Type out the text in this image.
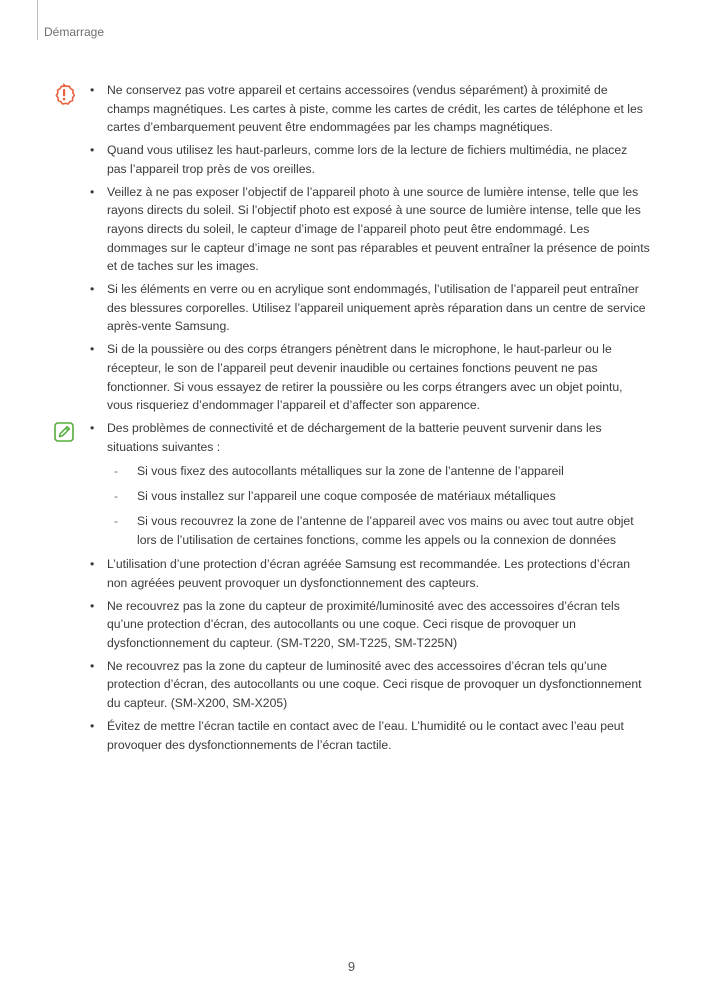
Démarrage
• Ne conservez pas votre appareil et certains accessoires (vendus séparément) à proximité de champs magnétiques. Les cartes à piste, comme les cartes de crédit, les cartes de téléphone et les cartes d’embarquement peuvent être endommagées par les champs magnétiques.
• Quand vous utilisez les haut-parleurs, comme lors de la lecture de fichiers multimédia, ne placez pas l’appareil trop près de vos oreilles.
• Veillez à ne pas exposer l’objectif de l’appareil photo à une source de lumière intense, telle que les rayons directs du soleil. Si l’objectif photo est exposé à une source de lumière intense, telle que les rayons directs du soleil, le capteur d’image de l’appareil photo peut être endommagé. Les dommages sur le capteur d’image ne sont pas réparables et peuvent entraîner la présence de points et de taches sur les images.
• Si les éléments en verre ou en acrylique sont endommagés, l’utilisation de l’appareil peut entraîner des blessures corporelles. Utilisez l’appareil uniquement après réparation dans un centre de service après-vente Samsung.
• Si de la poussière ou des corps étrangers pénètrent dans le microphone, le haut-parleur ou le récepteur, le son de l’appareil peut devenir inaudible ou certaines fonctions peuvent ne pas fonctionner. Si vous essayez de retirer la poussière ou les corps étrangers avec un objet pointu, vous risqueriez d’endommager l’appareil et d’affecter son apparence.
• Des problèmes de connectivité et de déchargement de la batterie peuvent survenir dans les situations suivantes :
- Si vous fixez des autocollants métalliques sur la zone de l’antenne de l’appareil
- Si vous installez sur l’appareil une coque composée de matériaux métalliques
- Si vous recouvrez la zone de l’antenne de l’appareil avec vos mains ou avec tout autre objet lors de l’utilisation de certaines fonctions, comme les appels ou la connexion de données
• L’utilisation d’une protection d’écran agréée Samsung est recommandée. Les protections d’écran non agréées peuvent provoquer un dysfonctionnement des capteurs.
• Ne recouvrez pas la zone du capteur de proximité/luminosité avec des accessoires d’écran tels qu’une protection d’écran, des autocollants ou une coque. Ceci risque de provoquer un dysfonctionnement du capteur. (SM-T220, SM-T225, SM-T225N)
• Ne recouvrez pas la zone du capteur de luminosité avec des accessoires d’écran tels qu’une protection d’écran, des autocollants ou une coque. Ceci risque de provoquer un dysfonctionnement du capteur. (SM-X200, SM-X205)
• Évitez de mettre l’écran tactile en contact avec de l’eau. L’humidité ou le contact avec l’eau peut provoquer des dysfonctionnements de l’écran tactile.
9
